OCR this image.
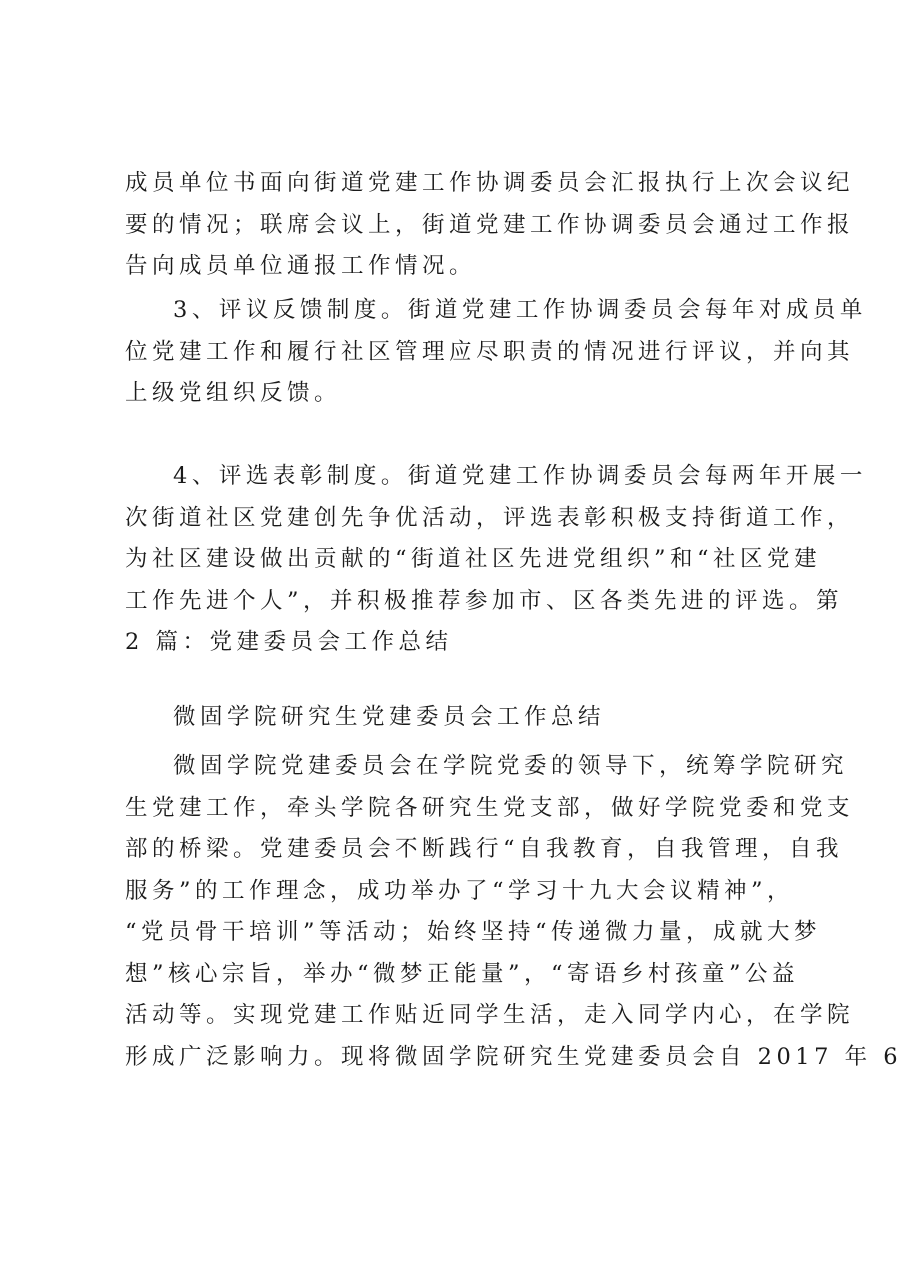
成员单位书面向街道党建工作协调委员会汇报执行上次会议纪
要的情况；联席会议上，街道党建工作协调委员会通过工作报
告向成员单位通报工作情况。
3、评议反馈制度。街道党建工作协调委员会每年对成员单
位党建工作和履行社区管理应尽职责的情况进行评议，并向其
上级党组织反馈。
4、评选表彰制度。街道党建工作协调委员会每两年开展一
次街道社区党建创先争优活动，评选表彰积极支持街道工作，
为社区建设做出贡献的“街道社区先进党组织”和“社区党建
工作先进个人”，并积极推荐参加市、区各类先进的评选。第
2 篇：党建委员会工作总结
微固学院研究生党建委员会工作总结
微固学院党建委员会在学院党委的领导下，统筹学院研究
生党建工作，牵头学院各研究生党支部，做好学院党委和党支
部的桥梁。党建委员会不断践行“自我教育，自我管理，自我
服务”的工作理念，成功举办了“学习十九大会议精神”，
“党员骨干培训”等活动；始终坚持“传递微力量，成就大梦
想”核心宗旨，举办“微梦正能量”，“寄语乡村孩童”公益
活动等。实现党建工作贴近同学生活，走入同学内心，在学院
形成广泛影响力。现将微固学院研究生党建委员会自 2017 年 6
